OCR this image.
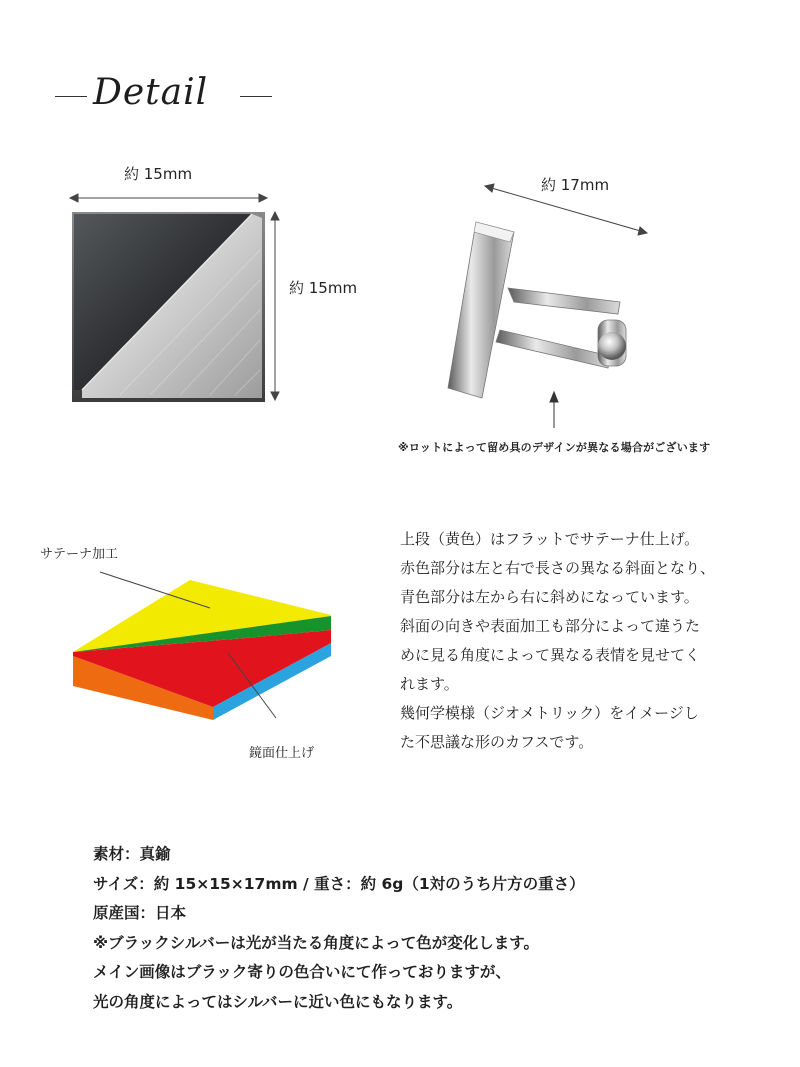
Detail
約 15mm
約 15mm
約 17mm
※ロットによって留め具のデザインが異なる場合がございます
サテーナ加工
鏡面仕上げ

上段（黄色）はフラットでサテーナ仕上げ。

赤色部分は左と右で長さの異なる斜面となり、

青色部分は左から右に斜めになっています。

斜面の向きや表面加工も部分によって違うた

めに見る角度によって異なる表情を見せてく

れます。

幾何学模様（ジオメトリック）をイメージし

た不思議な形のカフスです。

素材：真鍮

サイズ：約 15×15×17mm / 重さ：約 6g（1対のうち片方の重さ）

原産国：日本

※ブラックシルバーは光が当たる角度によって色が変化します。

メイン画像はブラック寄りの色合いにて作っておりますが、

光の角度によってはシルバーに近い色にもなります。
